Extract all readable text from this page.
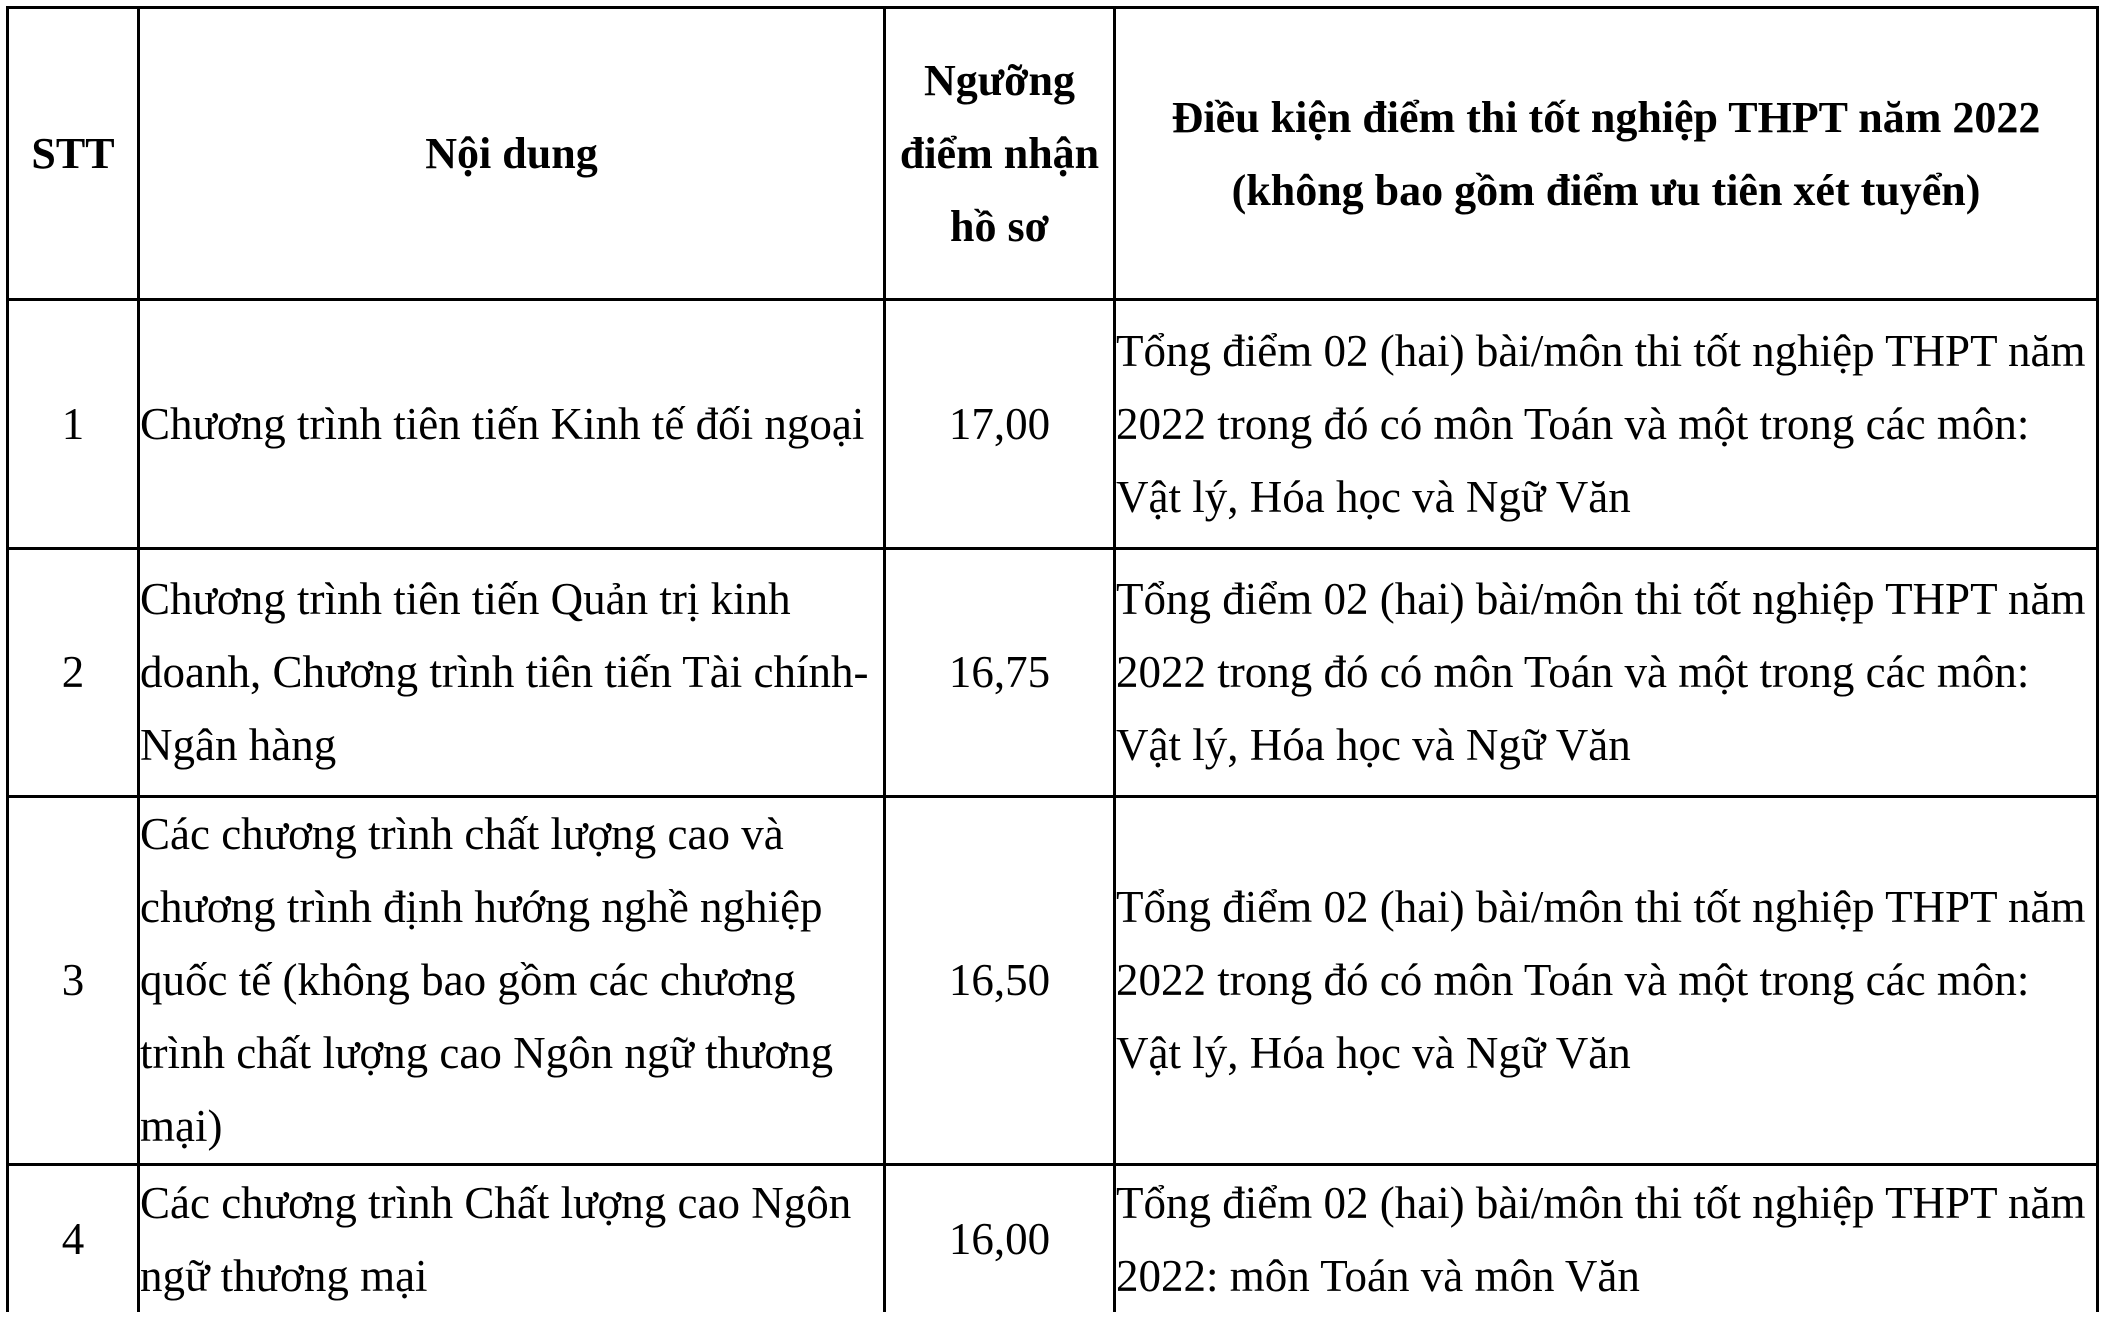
STT	Nội dung	Ngưỡng điểm nhận hồ sơ	Điều kiện điểm thi tốt nghiệp THPT năm 2022
(không bao gồm điểm ưu tiên xét tuyển)

1	Chương trình tiên tiến Kinh tế đối ngoại	17,00	Tổng điểm 02 (hai) bài/môn thi tốt nghiệp THPT năm 2022 trong đó có môn Toán và một trong các môn: Vật lý, Hóa học và Ngữ Văn
2	Chương trình tiên tiến Quản trị kinh doanh, Chương trình tiên tiến Tài chính-Ngân hàng	16,75	Tổng điểm 02 (hai) bài/môn thi tốt nghiệp THPT năm 2022 trong đó có môn Toán và một trong các môn: Vật lý, Hóa học và Ngữ Văn
3	Các chương trình chất lượng cao và chương trình định hướng nghề nghiệp quốc tế (không bao gồm các chương trình chất lượng cao Ngôn ngữ thương mại)	16,50	Tổng điểm 02 (hai) bài/môn thi tốt nghiệp THPT năm 2022 trong đó có môn Toán và một trong các môn: Vật lý, Hóa học và Ngữ Văn
4	Các chương trình Chất lượng cao Ngôn ngữ thương mại	16,00	Tổng điểm 02 (hai) bài/môn thi tốt nghiệp THPT năm 2022: môn Toán và môn Văn
